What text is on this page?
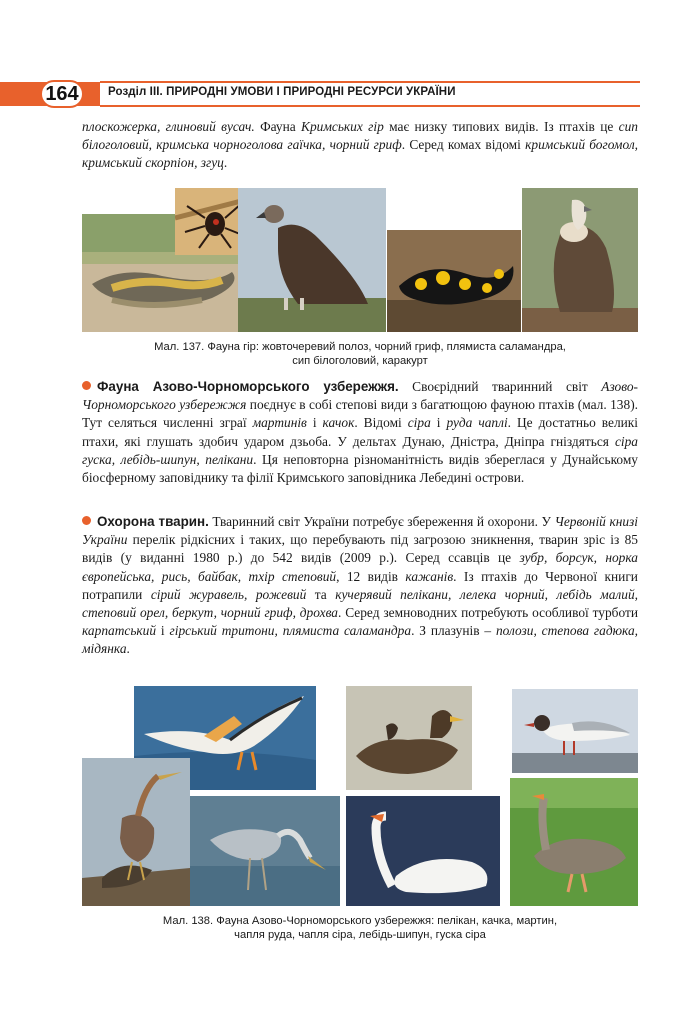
164	Розділ ІІІ. ПРИРОДНІ УМОВИ І ПРИРОДНІ РЕСУРСИ УКРАЇНИ
плоскожерка, глиновий вусач. Фауна Кримських гір має низку типових видів. Із птахів це сип білоголовий, кримська чорноголова гаїчка, чорний гриф. Серед комах відомі кримський богомол, кримський скорпіон, згуц.
Мал. 137. Фауна гір: жовточеревий полоз, чорний гриф, плямиста саламандра,
сип білоголовий, каракурт
Фауна Азово-Чорноморського узбережжя. Своєрідний тваринний світ Азово-Чорноморського узбережжя поєднує в собі степові види з багатющою фауною птахів (мал. 138). Тут селяться численні зграї мартинів і качок. Відомі сіра і руда чаплі. Це достатньо великі птахи, які глушать здобич ударом дзьоба. У дельтах Дунаю, Дністра, Дніпра гніздяться сіра гуска, лебідь-шипун, пелікани. Ця неповторна різноманітність видів збереглася у Дунайському біосферному заповіднику та філії Кримського заповідника Лебедині острови.
Охорона тварин. Тваринний світ України потребує збереження й охорони. У Червоній книзі України перелік рідкісних і таких, що перебувають під загрозою зникнення, тварин зріс із 85 видів (у виданні 1980 р.) до 542 видів (2009 р.). Серед ссавців це зубр, борсук, норка європейська, рись, байбак, тхір степовий, 12 видів кажанів. Із птахів до Червоної книги потрапили сірий журавель, рожевий та кучерявий пелікани, лелека чорний, лебідь малий, степовий орел, беркут, чорний гриф, дрохва. Серед земноводних потребують особливої турботи карпатський і гірський тритони, плямиста саламандра. З плазунів – полози, степова гадюка, мідянка.
Мал. 138. Фауна Азово-Чорноморського узбережжя: пелікан, качка, мартин,
чапля руда, чапля сіра, лебідь-шипун, гуска сіра
